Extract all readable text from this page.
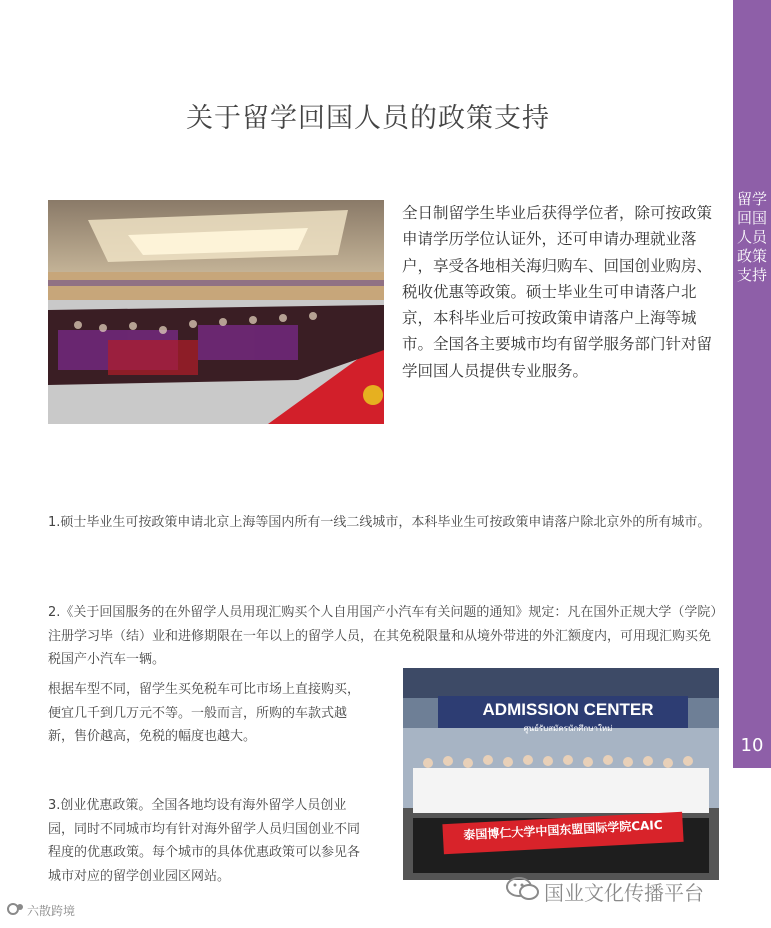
留学回国人员政策支持
10
关于留学回国人员的政策支持
全日制留学生毕业后获得学位者，除可按政策申请学历学位认证外，还可申请办理就业落户，享受各地相关海归购车、回国创业购房、税收优惠等政策。硕士毕业生可申请落户北京，本科毕业后可按政策申请落户上海等城市。全国各主要城市均有留学服务部门针对留学回国人员提供专业服务。
1.硕士毕业生可按政策申请北京上海等国内所有一线二线城市，本科毕业生可按政策申请落户除北京外的所有城市。
2.《关于回国服务的在外留学人员用现汇购买个人自用国产小汽车有关问题的通知》规定：凡在国外正规大学（学院）注册学习毕（结）业和进修期限在一年以上的留学人员，在其免税限量和从境外带进的外汇额度内，可用现汇购买免税国产小汽车一辆。
根据车型不同，留学生买免税车可比市场上直接购买，便宜几千到几万元不等。一般而言，所购的车款式越新，售价越高，免税的幅度也越大。
3.创业优惠政策。全国各地均设有海外留学人员创业园，同时不同城市均有针对海外留学人员归国创业不同程度的优惠政策。每个城市的具体优惠政策可以参见各城市对应的留学创业园区网站。
ADMISSION CENTER
ศูนย์รับสมัครนักศึกษาใหม่
泰国博仁大学中国东盟国际学院CAIC
国业文化传播平台
六散跨境
